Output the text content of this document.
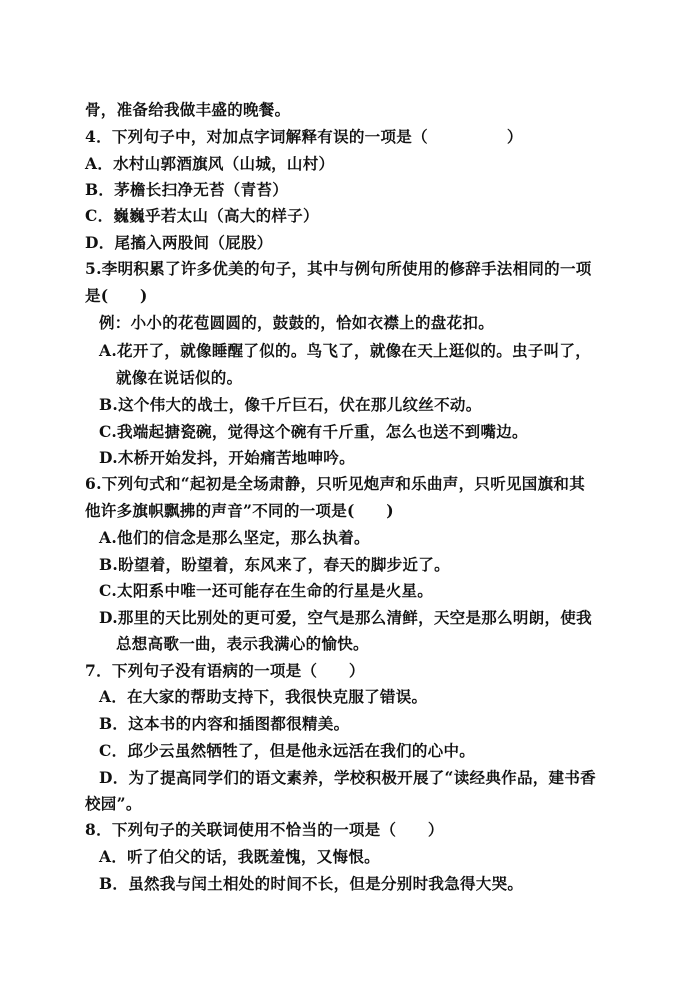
骨，准备给我做丰盛的晚餐。
4．下列句子中，对加点字词解释有误的一项是（　　　　　）
A．水村山郭酒旗风（山城，山村）
B．茅檐长扫净无苔（青苔）
C．巍巍乎若太山（高大的样子）
D．尾搐入两股间（屁股）
5.李明积累了许多优美的句子，其中与例句所使用的修辞手法相同的一项
是(　　)
例：小小的花苞圆圆的，鼓鼓的，恰如衣襟上的盘花扣。
A.花开了，就像睡醒了似的。鸟飞了，就像在天上逛似的。虫子叫了，
就像在说话似的。
B.这个伟大的战士，像千斤巨石，伏在那儿纹丝不动。
C.我端起搪瓷碗，觉得这个碗有千斤重，怎么也送不到嘴边。
D.木桥开始发抖，开始痛苦地呻吟。
6.下列句式和“起初是全场肃静，只听见炮声和乐曲声，只听见国旗和其
他许多旗帜飘拂的声音”不同的一项是(　　)
A.他们的信念是那么坚定，那么执着。
B.盼望着，盼望着，东风来了，春天的脚步近了。
C.太阳系中唯一还可能存在生命的行星是火星。
D.那里的天比别处的更可爱，空气是那么清鲜，天空是那么明朗，使我
总想高歌一曲，表示我满心的愉快。
7．下列句子没有语病的一项是（　　）
A．在大家的帮助支持下，我很快克服了错误。
B．这本书的内容和插图都很精美。
C．邱少云虽然牺牲了，但是他永远活在我们的心中。
D．为了提高同学们的语文素养，学校积极开展了“读经典作品，建书香
校园”。
8．下列句子的关联词使用不恰当的一项是（　　）
A．听了伯父的话，我既羞愧，又悔恨。
B．虽然我与闰土相处的时间不长，但是分别时我急得大哭。
